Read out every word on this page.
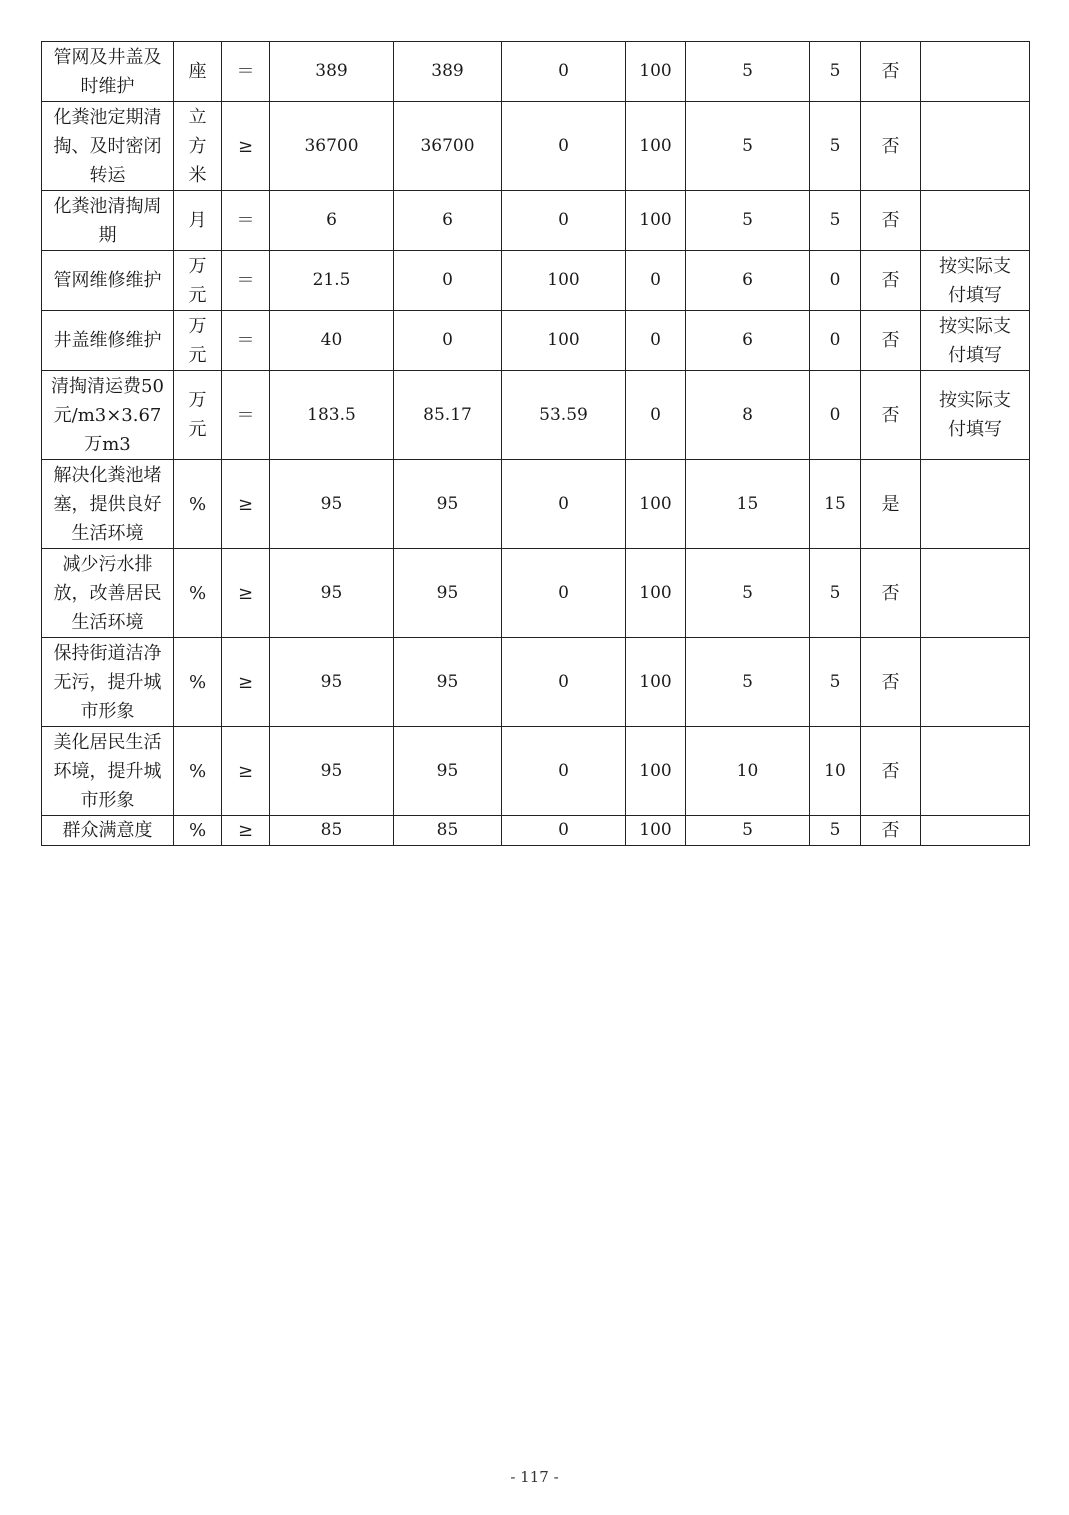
管网及井盖及时维护	座	＝	389	389	0	100	5	5	否	
化粪池定期清掏、及时密闭转运	立方米	≥	36700	36700	0	100	5	5	否	
化粪池清掏周期	月	＝	6	6	0	100	5	5	否	
管网维修维护	万元	＝	21.5	0	100	0	6	0	否	按实际支付填写
井盖维修维护	万元	＝	40	0	100	0	6	0	否	按实际支付填写
清掏清运费50元/m3×3.67万m3	万元	＝	183.5	85.17	53.59	0	8	0	否	按实际支付填写
解决化粪池堵塞，提供良好生活环境	%	≥	95	95	0	100	15	15	是	
减少污水排放，改善居民生活环境	%	≥	95	95	0	100	5	5	否	
保持街道洁净无污，提升城市形象	%	≥	95	95	0	100	5	5	否	
美化居民生活环境，提升城市形象	%	≥	95	95	0	100	10	10	否	
群众满意度	%	≥	85	85	0	100	5	5	否	
- 117 -
